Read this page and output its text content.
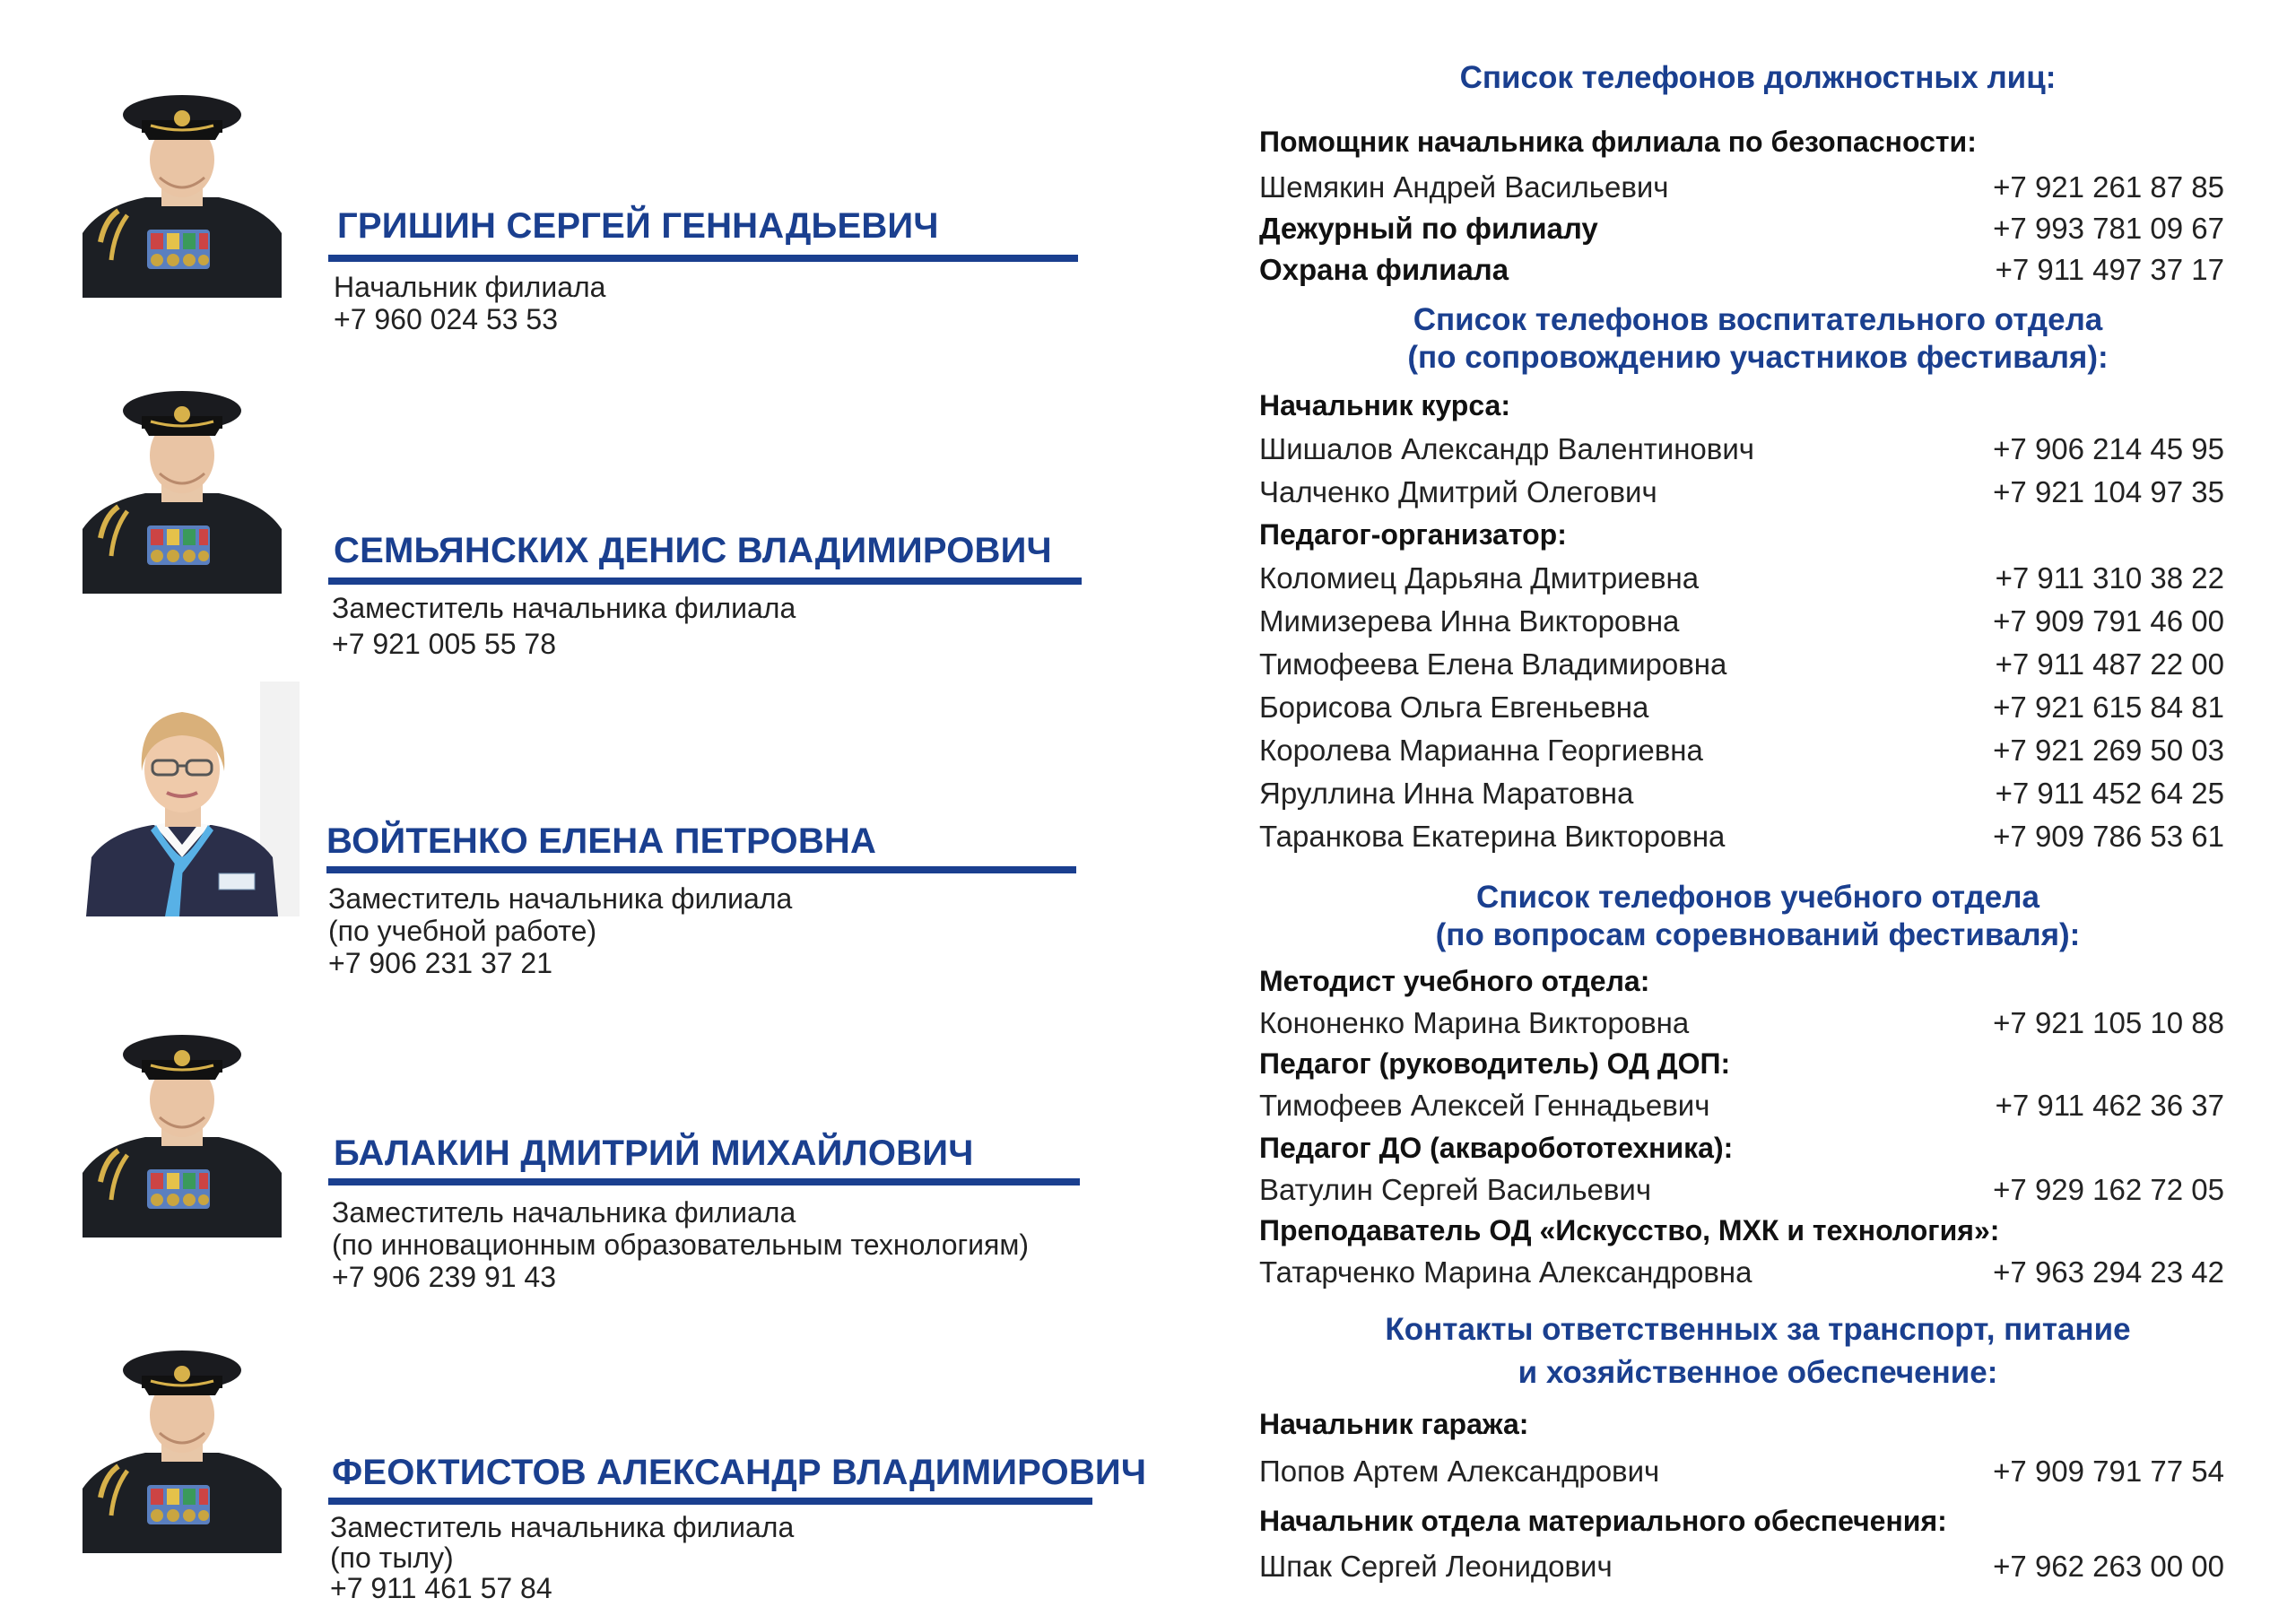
ГРИШИН СЕРГЕЙ ГЕННАДЬЕВИЧ
Начальник филиала
+7 960 024 53 53
СЕМЬЯНСКИХ ДЕНИС ВЛАДИМИРОВИЧ
Заместитель начальника филиала
+7 921 005 55 78
ВОЙТЕНКО ЕЛЕНА ПЕТРОВНА
Заместитель начальника филиала
(по учебной работе)
+7 906 231 37 21
БАЛАКИН ДМИТРИЙ МИХАЙЛОВИЧ
Заместитель начальника филиала
(по инновационным образовательным технологиям)
+7 906 239 91 43
ФЕОКТИСТОВ АЛЕКСАНДР ВЛАДИМИРОВИЧ
Заместитель начальника филиала
(по тылу)
+7 911 461 57 84
Список телефонов должностных лиц:
Помощник начальника филиала по безопасности:
Шемякин Андрей Васильевич	+7 921 261 87 85
Дежурный по филиалу	+7 993 781 09 67
Охрана филиала	+7 911 497 37 17
Список телефонов воспитательного отдела
(по сопровождению участников фестиваля):
Начальник курса:
Шишалов Александр Валентинович	+7 906 214 45 95
Чалченко Дмитрий Олегович	+7 921 104 97 35
Педагог-организатор:
Коломиец Дарьяна Дмитриевна	+7 911 310 38 22
Мимизерева Инна Викторовна	+7 909 791 46 00
Тимофеева Елена Владимировна	+7 911 487 22 00
Борисова Ольга Евгеньевна	+7 921 615 84 81
Королева Марианна Георгиевна	+7 921 269 50 03
Яруллина Инна Маратовна	+7 911 452 64 25
Таранкова Екатерина Викторовна	+7 909 786 53 61
Список телефонов учебного отдела
(по вопросам соревнований фестиваля):
Методист учебного отдела:
Кононенко Марина Викторовна	+7 921 105 10 88
Педагог (руководитель) ОД ДОП:
Тимофеев Алексей Геннадьевич	+7 911 462 36 37
Педагог ДО (акваробототехника):
Ватулин Сергей Васильевич	+7 929 162 72 05
Преподаватель ОД «Искусство, МХК и технология»:
Татарченко Марина Александровна	+7 963 294 23 42
Контакты ответственных за транспорт, питание
и хозяйственное обеспечение:
Начальник гаража:
Попов Артем Александрович	+7 909 791 77 54
Начальник отдела материального обеспечения:
Шпак Сергей Леонидович	+7 962 263 00 00
